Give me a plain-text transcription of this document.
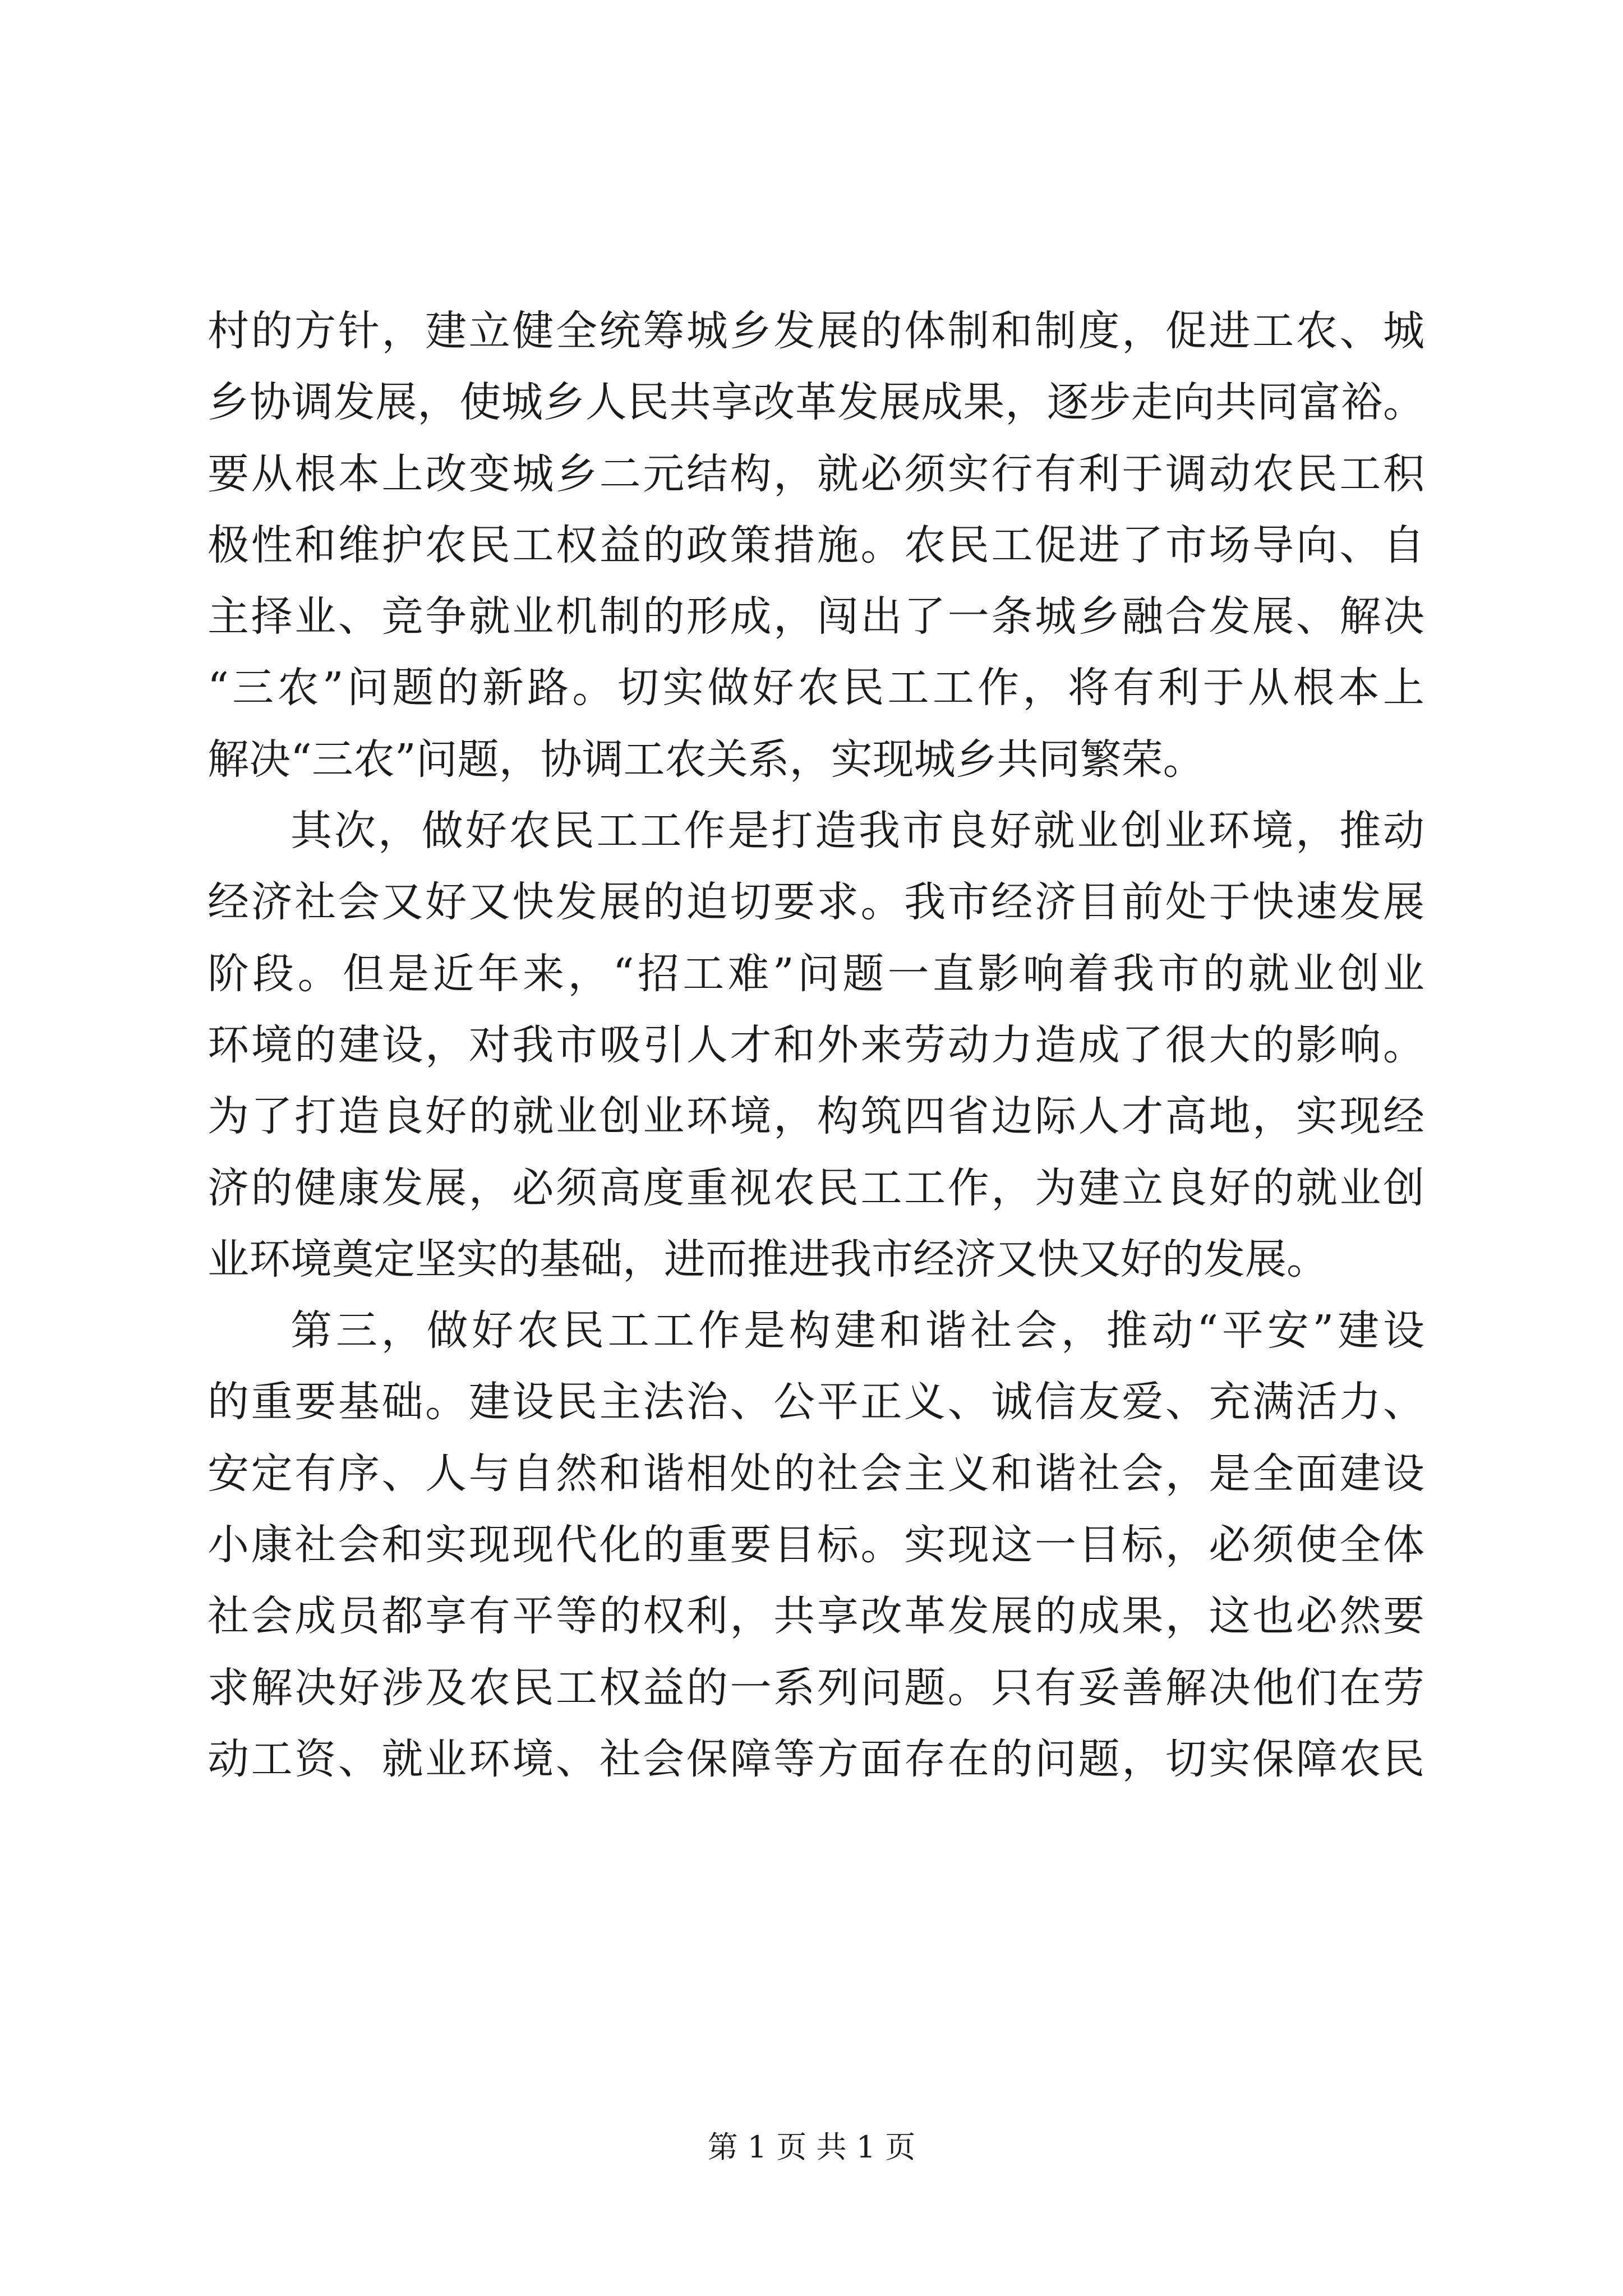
村的方针，建立健全统筹城乡发展的体制和制度，促进工农、城
乡协调发展，使城乡人民共享改革发展成果，逐步走向共同富裕。
要从根本上改变城乡二元结构，就必须实行有利于调动农民工积
极性和维护农民工权益的政策措施。农民工促进了市场导向、自
主择业、竞争就业机制的形成，闯出了一条城乡融合发展、解决
“三农”问题的新路。切实做好农民工工作，将有利于从根本上
解决“三农”问题，协调工农关系，实现城乡共同繁荣。
其次，做好农民工工作是打造我市良好就业创业环境，推动
经济社会又好又快发展的迫切要求。我市经济目前处于快速发展
阶段。但是近年来，“招工难”问题一直影响着我市的就业创业
环境的建设，对我市吸引人才和外来劳动力造成了很大的影响。
为了打造良好的就业创业环境，构筑四省边际人才高地，实现经
济的健康发展，必须高度重视农民工工作，为建立良好的就业创
业环境奠定坚实的基础，进而推进我市经济又快又好的发展。
第三，做好农民工工作是构建和谐社会，推动“平安”建设
的重要基础。建设民主法治、公平正义、诚信友爱、充满活力、
安定有序、人与自然和谐相处的社会主义和谐社会，是全面建设
小康社会和实现现代化的重要目标。实现这一目标，必须使全体
社会成员都享有平等的权利，共享改革发展的成果，这也必然要
求解决好涉及农民工权益的一系列问题。只有妥善解决他们在劳
动工资、就业环境、社会保障等方面存在的问题，切实保障农民
第 1 页 共 1 页
